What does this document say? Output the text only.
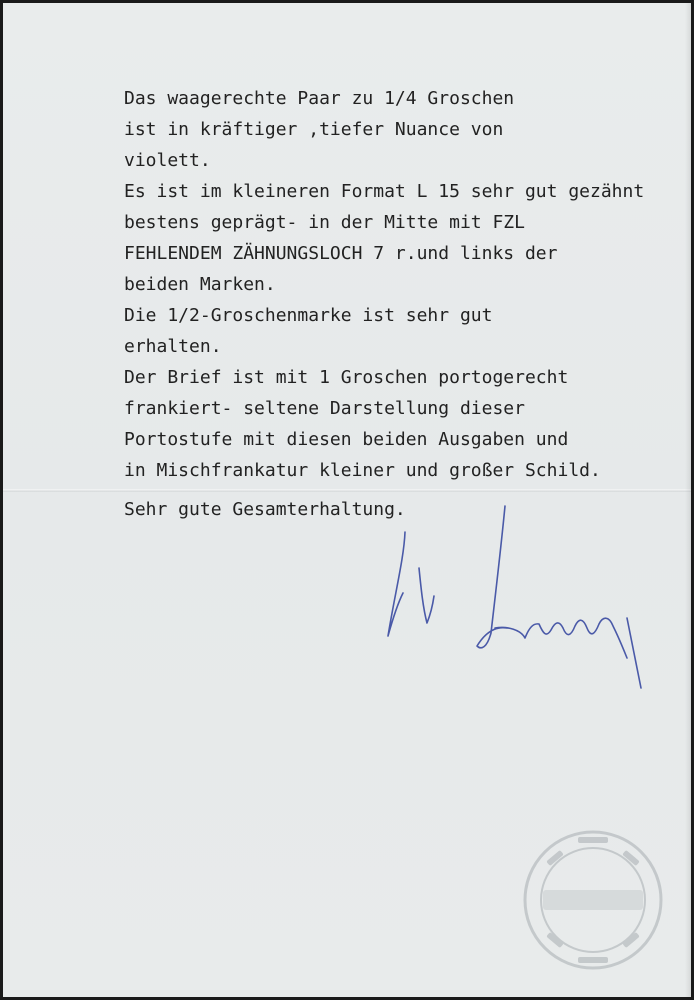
Das waagerechte Paar zu 1/4 Groschen
ist in kräftiger ,tiefer Nuance von
violett.
Es ist im kleineren Format L 15 sehr gut gezähnt
bestens geprägt- in der Mitte mit FZL
FEHLENDEM ZÄHNUNGSLOCH 7 r.und links der
beiden Marken.
Die 1/2-Groschenmarke ist sehr gut
erhalten.
Der Brief ist mit 1 Groschen portogerecht
frankiert- seltene Darstellung dieser
Portostufe mit diesen beiden Ausgaben und
in Mischfrankatur kleiner und großer Schild.
Sehr gute Gesamterhaltung.
